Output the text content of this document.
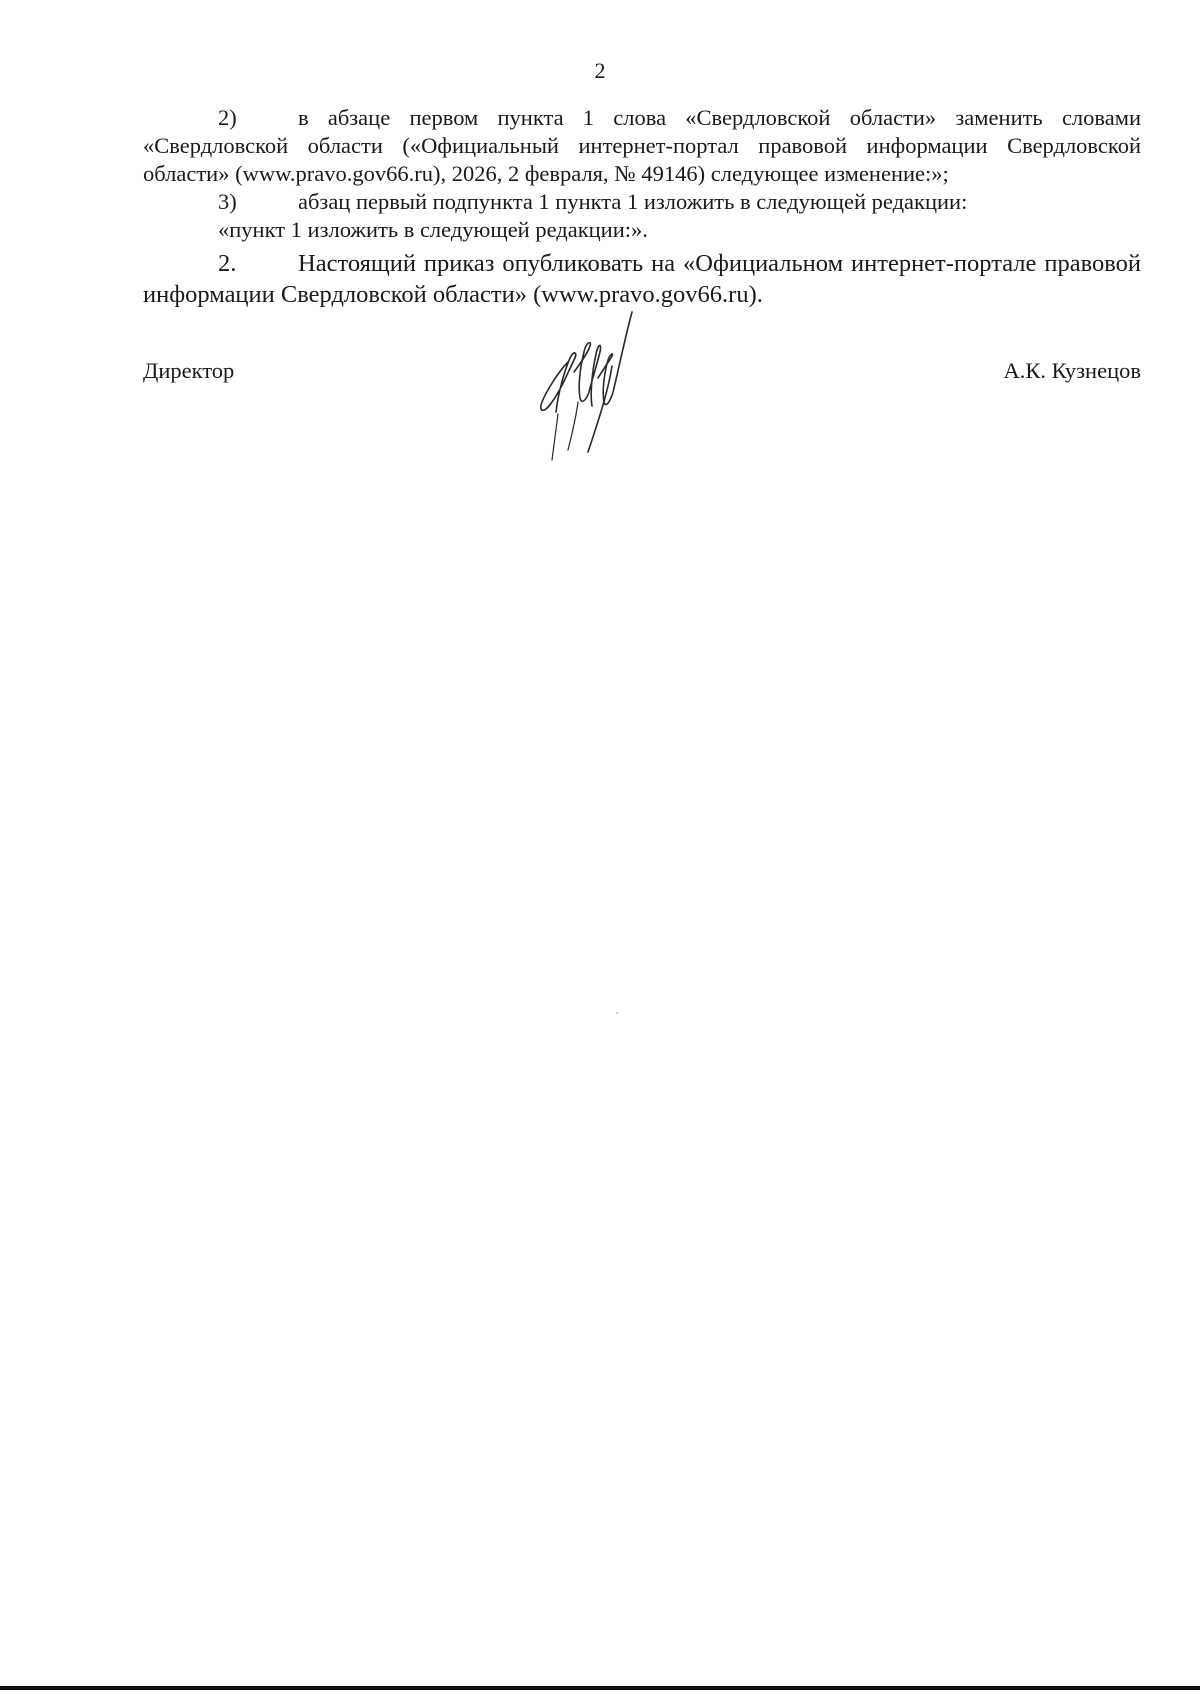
2

2)	в абзаце первом пункта 1 слова «Свердловской области» заменить словами «Свердловской области («Официальный интернет-портал правовой информации Свердловской области» (www.pravo.gov66.ru), 2026, 2 февраля, № 49146) следующее изменение:»;

3)	абзац первый подпункта 1 пункта 1 изложить в следующей редакции:

«пункт 1 изложить в следующей редакции:».

2.	Настоящий приказ опубликовать на «Официальном интернет-портале правовой информации Свердловской области» (www.pravo.gov66.ru).

Директор	А.К. Кузнецов
